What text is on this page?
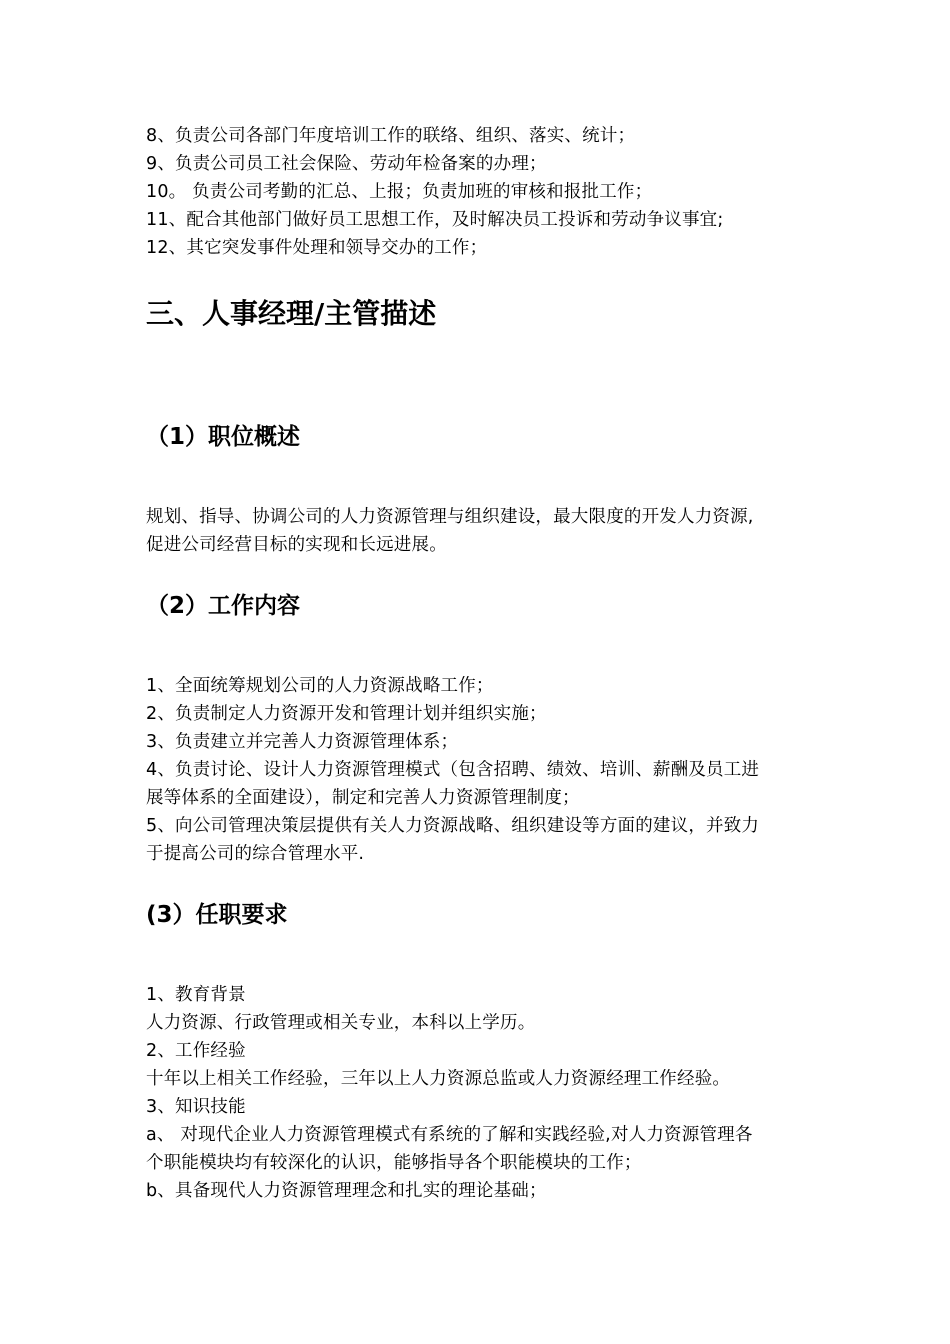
8、负责公司各部门年度培训工作的联络、组织、落实、统计；
9、负责公司员工社会保险、劳动年检备案的办理；
10。 负责公司考勤的汇总、上报；负责加班的审核和报批工作；
11、配合其他部门做好员工思想工作，及时解决员工投诉和劳动争议事宜;
12、其它突发事件处理和领导交办的工作；
三、人事经理/主管描述
（1）职位概述
规划、指导、协调公司的人力资源管理与组织建设，最大限度的开发人力资源,
促进公司经营目标的实现和长远进展。
（2）工作内容
1、全面统筹规划公司的人力资源战略工作；
2、负责制定人力资源开发和管理计划并组织实施；
3、负责建立并完善人力资源管理体系；
4、负责讨论、设计人力资源管理模式（包含招聘、绩效、培训、薪酬及员工进
展等体系的全面建设），制定和完善人力资源管理制度；
5、向公司管理决策层提供有关人力资源战略、组织建设等方面的建议，并致力
于提高公司的综合管理水平.
(3）任职要求
1、教育背景
人力资源、行政管理或相关专业，本科以上学历。
2、工作经验
十年以上相关工作经验，三年以上人力资源总监或人力资源经理工作经验。
3、知识技能
a、 对现代企业人力资源管理模式有系统的了解和实践经验,对人力资源管理各
个职能模块均有较深化的认识，能够指导各个职能模块的工作；
b、具备现代人力资源管理理念和扎实的理论基础；
